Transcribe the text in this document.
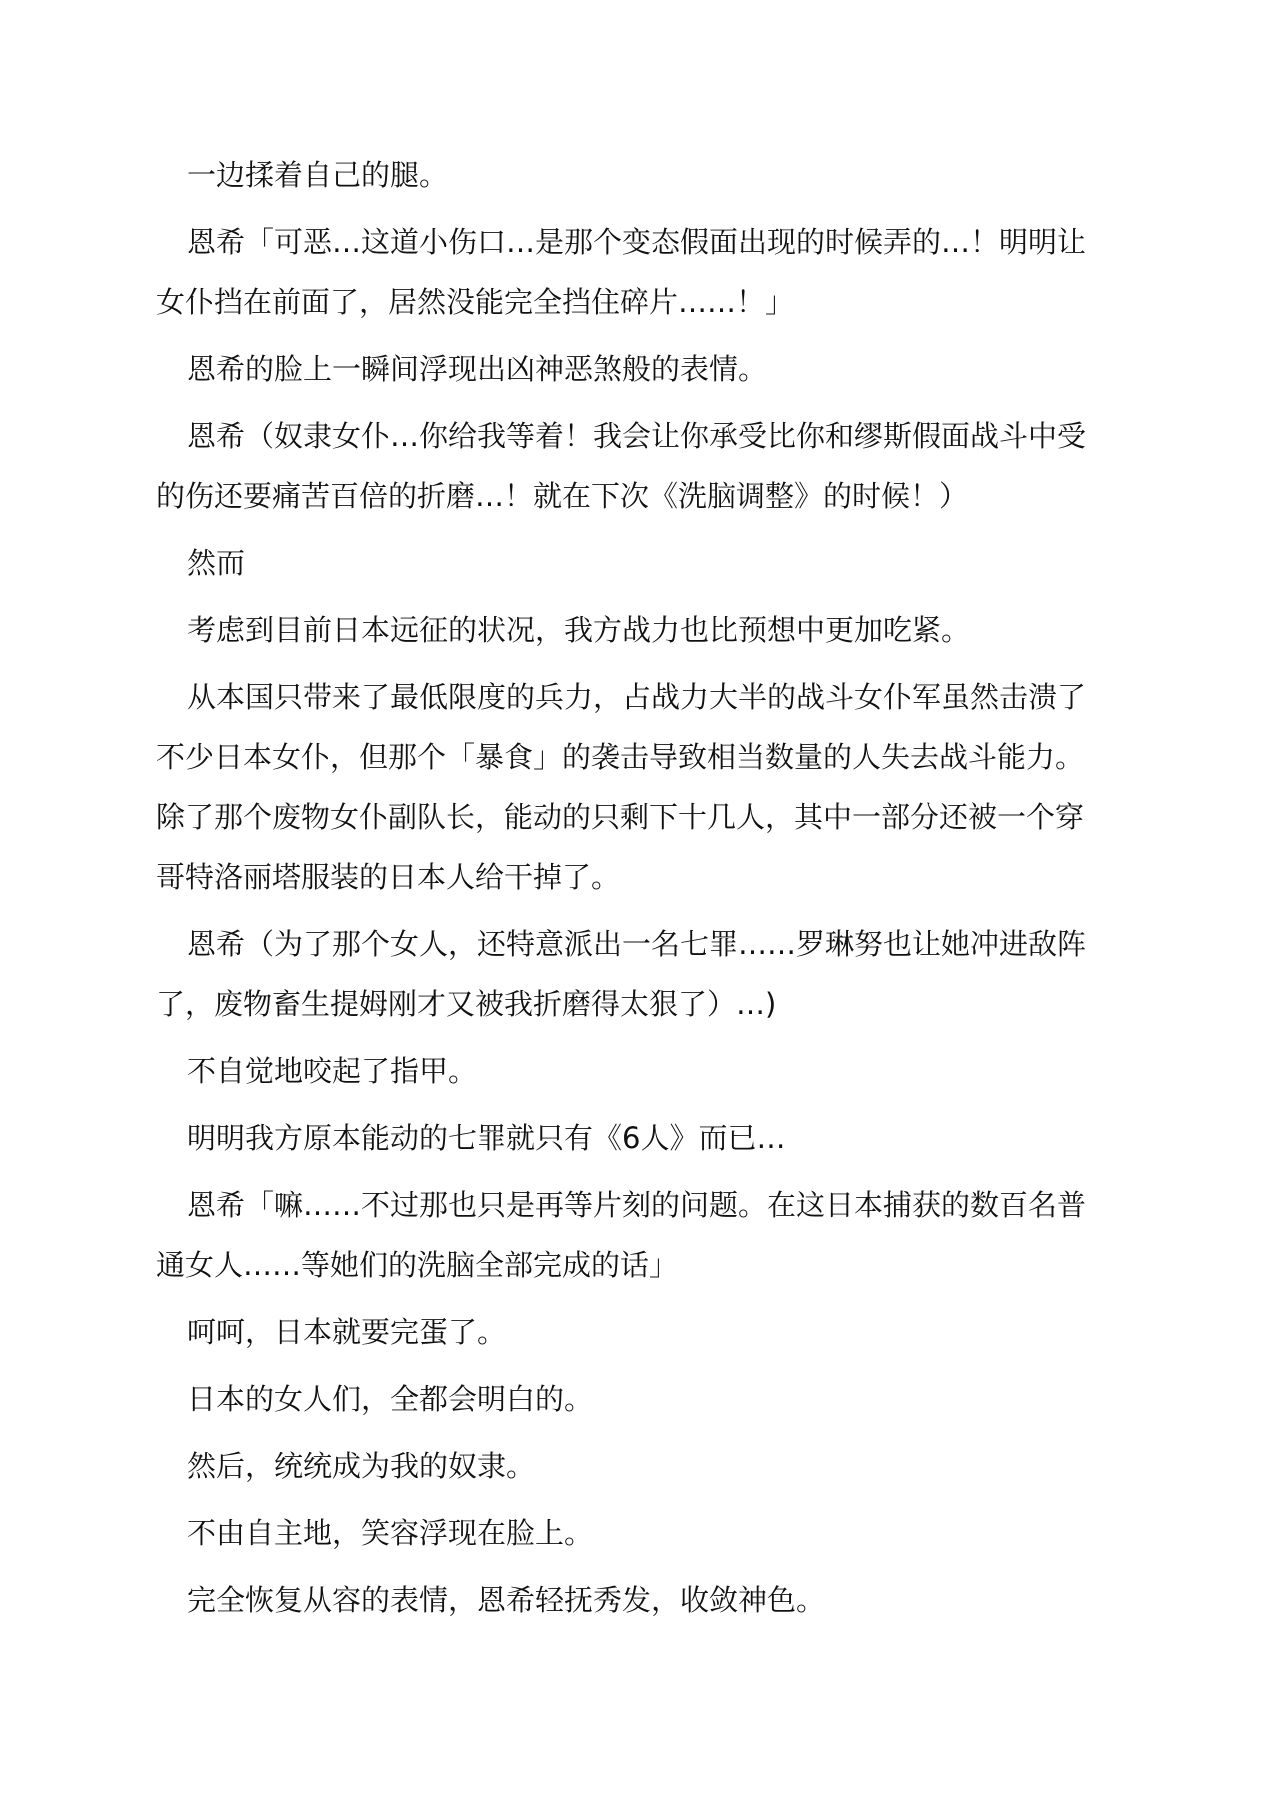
一边揉着自己的腿。
恩希「可恶…这道小伤口…是那个变态假面出现的时候弄的…！明明让
女仆挡在前面了，居然没能完全挡住碎片……！」
恩希的脸上一瞬间浮现出凶神恶煞般的表情。
恩希（奴隶女仆…你给我等着！我会让你承受比你和缪斯假面战斗中受
的伤还要痛苦百倍的折磨…！就在下次《洗脑调整》的时候！）
然而
考虑到目前日本远征的状况，我方战力也比预想中更加吃紧。
从本国只带来了最低限度的兵力，占战力大半的战斗女仆军虽然击溃了
不少日本女仆，但那个「暴食」的袭击导致相当数量的人失去战斗能力。
除了那个废物女仆副队长，能动的只剩下十几人，其中一部分还被一个穿
哥特洛丽塔服装的日本人给干掉了。
恩希（为了那个女人，还特意派出一名七罪……罗琳努也让她冲进敌阵
了，废物畜生提姆刚才又被我折磨得太狠了）…)
不自觉地咬起了指甲。
明明我方原本能动的七罪就只有《6人》而已…
恩希「嘛……不过那也只是再等片刻的问题。在这日本捕获的数百名普
通女人……等她们的洗脑全部完成的话」
呵呵，日本就要完蛋了。
日本的女人们，全都会明白的。
然后，统统成为我的奴隶。
不由自主地，笑容浮现在脸上。
完全恢复从容的表情，恩希轻抚秀发，收敛神色。
